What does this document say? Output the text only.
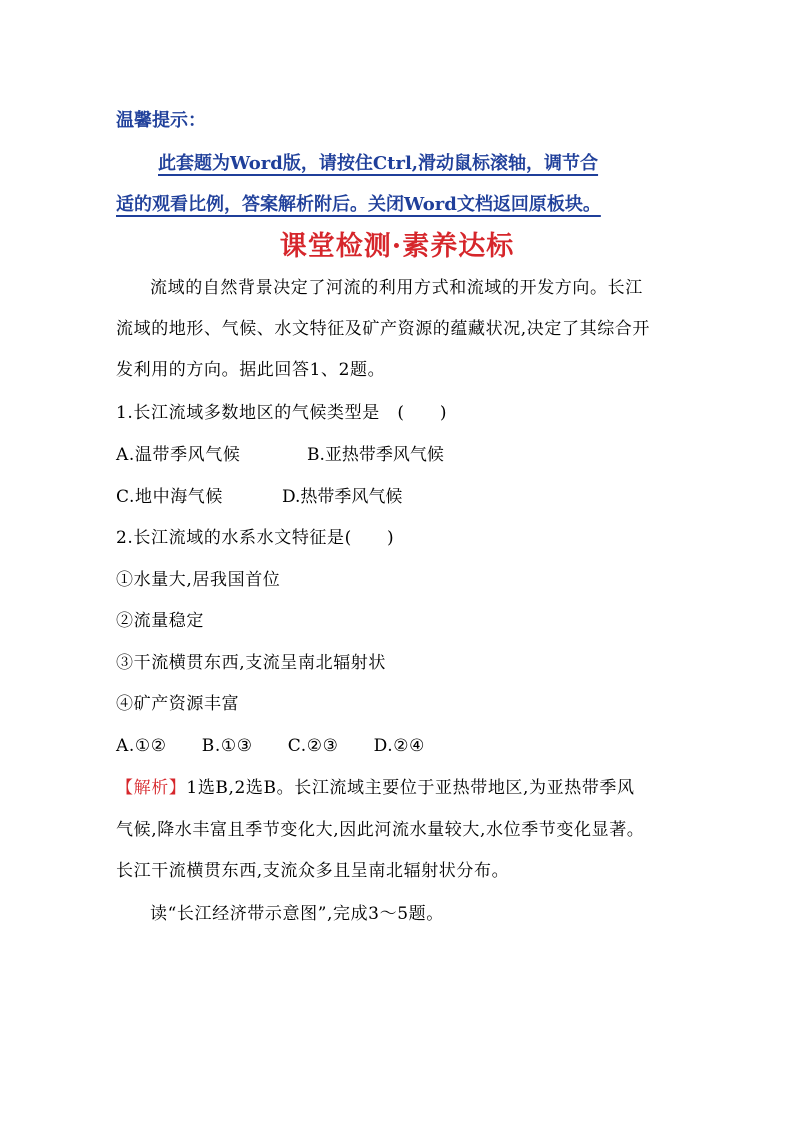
温馨提示：
此套题为Word版，请按住Ctrl,滑动鼠标滚轴，调节合
适的观看比例，答案解析附后。关闭Word文档返回原板块。
课堂检测·素养达标
流域的自然背景决定了河流的利用方式和流域的开发方向。长江
流域的地形、气候、水文特征及矿产资源的蕴藏状况,决定了其综合开
发利用的方向。据此回答1、2题。
1.长江流域多数地区的气候类型是　(　　)
A.温带季风气候	B.亚热带季风气候
C.地中海气候	D.热带季风气候
2.长江流域的水系水文特征是(　　)
①水量大,居我国首位
②流量稳定
③干流横贯东西,支流呈南北辐射状
④矿产资源丰富
A.①②　　B.①③　　C.②③　　D.②④
【解析】1选B,2选B。长江流域主要位于亚热带地区,为亚热带季风
气候,降水丰富且季节变化大,因此河流水量较大,水位季节变化显著。
长江干流横贯东西,支流众多且呈南北辐射状分布。
读“长江经济带示意图”,完成3～5题。
